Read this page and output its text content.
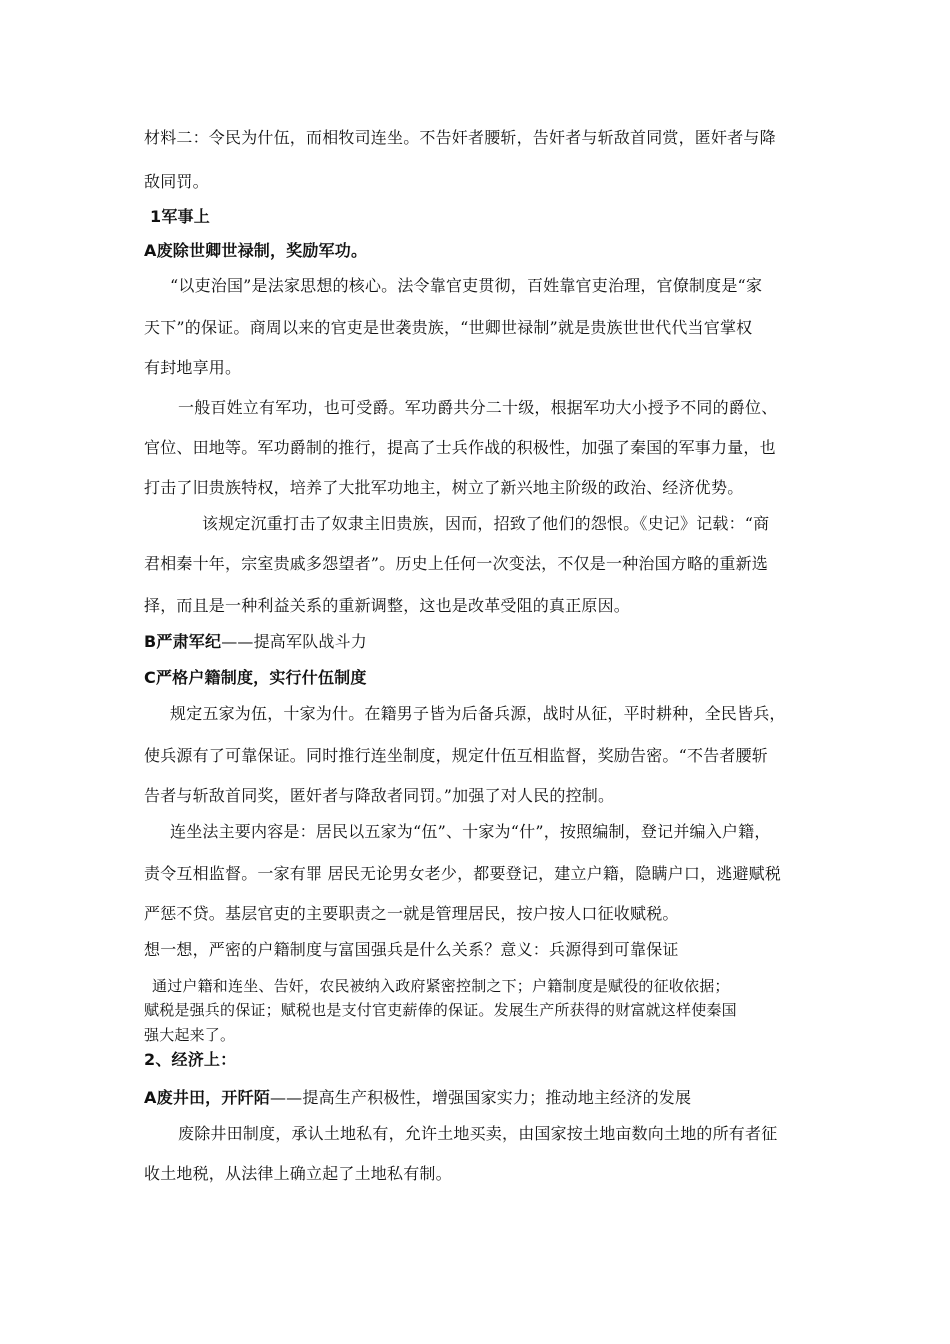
材料二：令民为什伍，而相牧司连坐。不告奸者腰斩，告奸者与斩敌首同赏，匿奸者与降
敌同罚。
1军事上
A废除世卿世禄制，奖励军功。
“以吏治国”是法家思想的核心。法令靠官吏贯彻，百姓靠官吏治理，官僚制度是“家
天下”的保证。商周以来的官吏是世袭贵族，“世卿世禄制”就是贵族世世代代当官掌权
有封地享用。
一般百姓立有军功，也可受爵。军功爵共分二十级，根据军功大小授予不同的爵位、
官位、田地等。军功爵制的推行，提高了士兵作战的积极性，加强了秦国的军事力量，也
打击了旧贵族特权，培养了大批军功地主，树立了新兴地主阶级的政治、经济优势。
该规定沉重打击了奴隶主旧贵族，因而，招致了他们的怨恨。《史记》记载：“商
君相秦十年，宗室贵戚多怨望者”。历史上任何一次变法，不仅是一种治国方略的重新选
择，而且是一种利益关系的重新调整，这也是改革受阻的真正原因。
B严肃军纪——提高军队战斗力
C严格户籍制度，实行什伍制度
规定五家为伍，十家为什。在籍男子皆为后备兵源，战时从征，平时耕种，全民皆兵，
使兵源有了可靠保证。同时推行连坐制度，规定什伍互相监督，奖励告密。“不告者腰斩
告者与斩敌首同奖，匿奸者与降敌者同罚。”加强了对人民的控制。
连坐法主要内容是：居民以五家为“伍”、十家为“什”，按照编制，登记并编入户籍，
责令互相监督。一家有罪 居民无论男女老少，都要登记，建立户籍，隐瞒户口，逃避赋税
严惩不贷。基层官吏的主要职责之一就是管理居民，按户按人口征收赋税。
想一想，严密的户籍制度与富国强兵是什么关系？意义：兵源得到可靠保证
通过户籍和连坐、告奸，农民被纳入政府紧密控制之下；户籍制度是赋役的征收依据；
赋税是强兵的保证；赋税也是支付官吏薪俸的保证。发展生产所获得的财富就这样使秦国
强大起来了。
2、经济上：
A废井田，开阡陌——提高生产积极性，增强国家实力；推动地主经济的发展
废除井田制度，承认土地私有，允许土地买卖，由国家按土地亩数向土地的所有者征
收土地税，从法律上确立起了土地私有制。
